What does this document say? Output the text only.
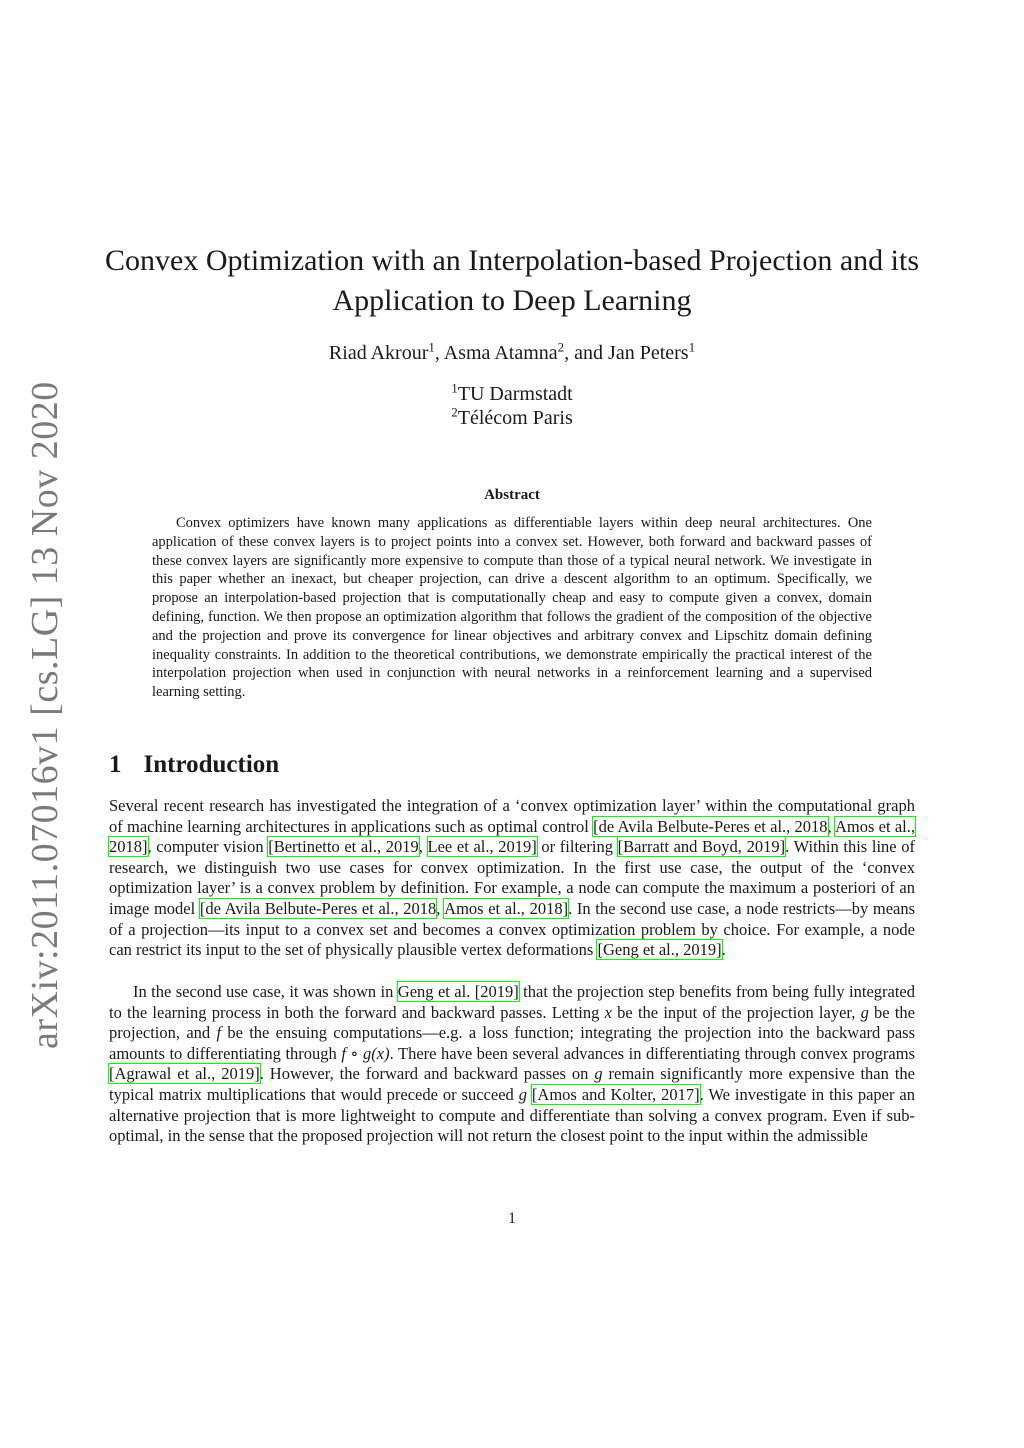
arXiv:2011.07016v1 [cs.LG] 13 Nov 2020
Convex Optimization with an Interpolation-based Projection and its Application to Deep Learning
Riad Akrour$^1$, Asma Atamna$^2$, and Jan Peters$^1$
$^1$TU Darmstadt
$^2$Télécom Paris
Abstract

Convex optimizers have known many applications as differentiable layers within deep neural architectures. One application of these convex layers is to project points into a convex set. However, both forward and backward passes of these convex layers are significantly more expensive to compute than those of a typical neural network. We investigate in this paper whether an inexact, but cheaper projection, can drive a descent algorithm to an optimum. Specifically, we propose an interpolation-based projection that is computationally cheap and easy to compute given a convex, domain defining, function. We then propose an optimization algorithm that follows the gradient of the composition of the objective and the projection and prove its convergence for linear objectives and arbitrary convex and Lipschitz domain defining inequality constraints. In addition to the theoretical contributions, we demonstrate empirically the practical interest of the interpolation projection when used in conjunction with neural networks in a reinforcement learning and a supervised learning setting.

1 Introduction

Several recent research has investigated the integration of a ‘convex optimization layer’ within the computational graph of machine learning architectures in applications such as optimal control [de Avila Belbute-Peres et al., 2018, Amos et al., 2018], computer vision [Bertinetto et al., 2019, Lee et al., 2019] or filtering [Barratt and Boyd, 2019]. Within this line of research, we distinguish two use cases for convex optimization. In the first use case, the output of the ‘convex optimization layer’ is a convex problem by definition. For example, a node can compute the maximum a posteriori of an image model [de Avila Belbute-Peres et al., 2018, Amos et al., 2018]. In the second use case, a node restricts—by means of a projection—its input to a convex set and becomes a convex optimization problem by choice. For example, a node can restrict its input to the set of physically plausible vertex deformations [Geng et al., 2019].

In the second use case, it was shown in Geng et al. [2019] that the projection step benefits from being fully integrated to the learning process in both the forward and backward passes. Letting x be the input of the projection layer, g be the projection, and f be the ensuing computations—e.g. a loss function; integrating the projection into the backward pass amounts to differentiating through f ∘ g(x). There have been several advances in differentiating through convex programs [Agrawal et al., 2019]. However, the forward and backward passes on g remain significantly more expensive than the typical matrix multiplications that would precede or succeed g [Amos and Kolter, 2017]. We investigate in this paper an alternative projection that is more lightweight to compute and differentiate than solving a convex program. Even if sub-optimal, in the sense that the proposed projection will not return the closest point to the input within the admissible

1
